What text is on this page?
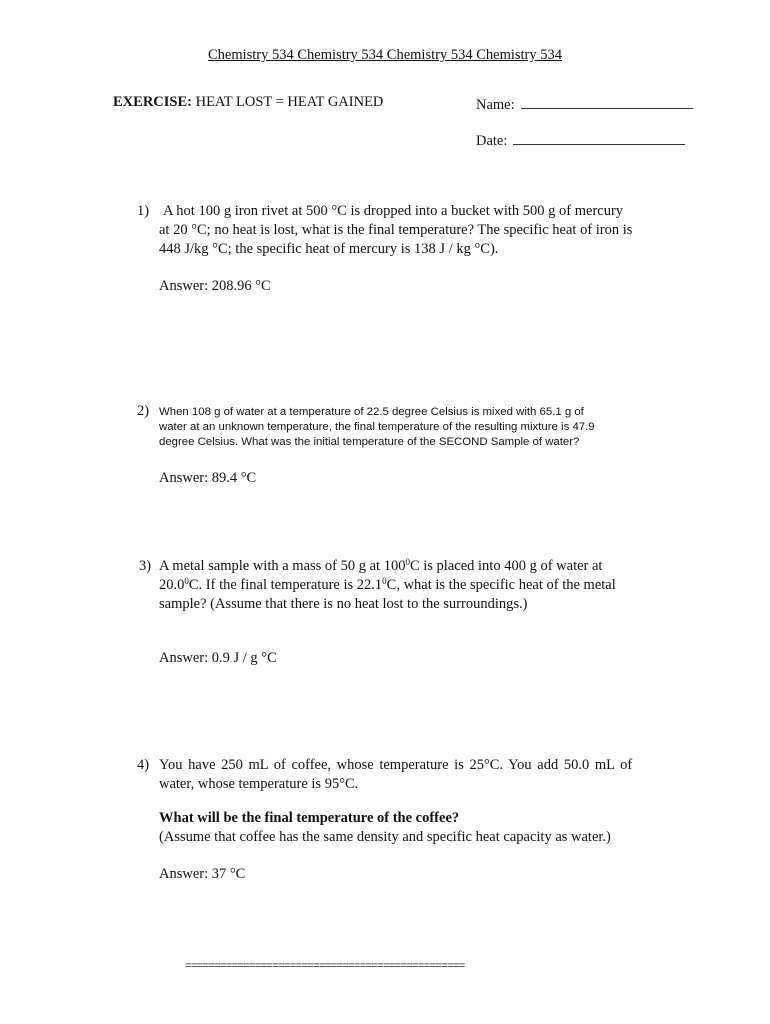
Chemistry 534 Chemistry 534 Chemistry 534 Chemistry 534
EXERCISE: HEAT LOST = HEAT GAINED	Name:
Date:
1) A hot 100 g iron rivet at 500 °C is dropped into a bucket with 500 g of mercury
at 20 °C; no heat is lost, what is the final temperature? The specific heat of iron is
448 J/kg °C; the specific heat of mercury is 138 J / kg °C).
Answer: 208.96 °C
2) When 108 g of water at a temperature of 22.5 degree Celsius is mixed with 65.1 g of
water at an unknown temperature, the final temperature of the resulting mixture is 47.9
degree Celsius. What was the initial temperature of the SECOND Sample of water?
Answer: 89.4 °C
3) A metal sample with a mass of 50 g at $100^0C$ is placed into 400 g of water at
20.0$^0$C. If the final temperature is 22.1$^0$C, what is the specific heat of the metal
sample? (Assume that there is no heat lost to the surroundings.)
Answer: 0.9 J / g °C
4) You have 250 mL of coffee, whose temperature is 25°C. You add 50.0 mL of
water, whose temperature is 95°C.
What will be the final temperature of the coffee?
(Assume that coffee has the same density and specific heat capacity as water.)
Answer: 37 °C
================================================
